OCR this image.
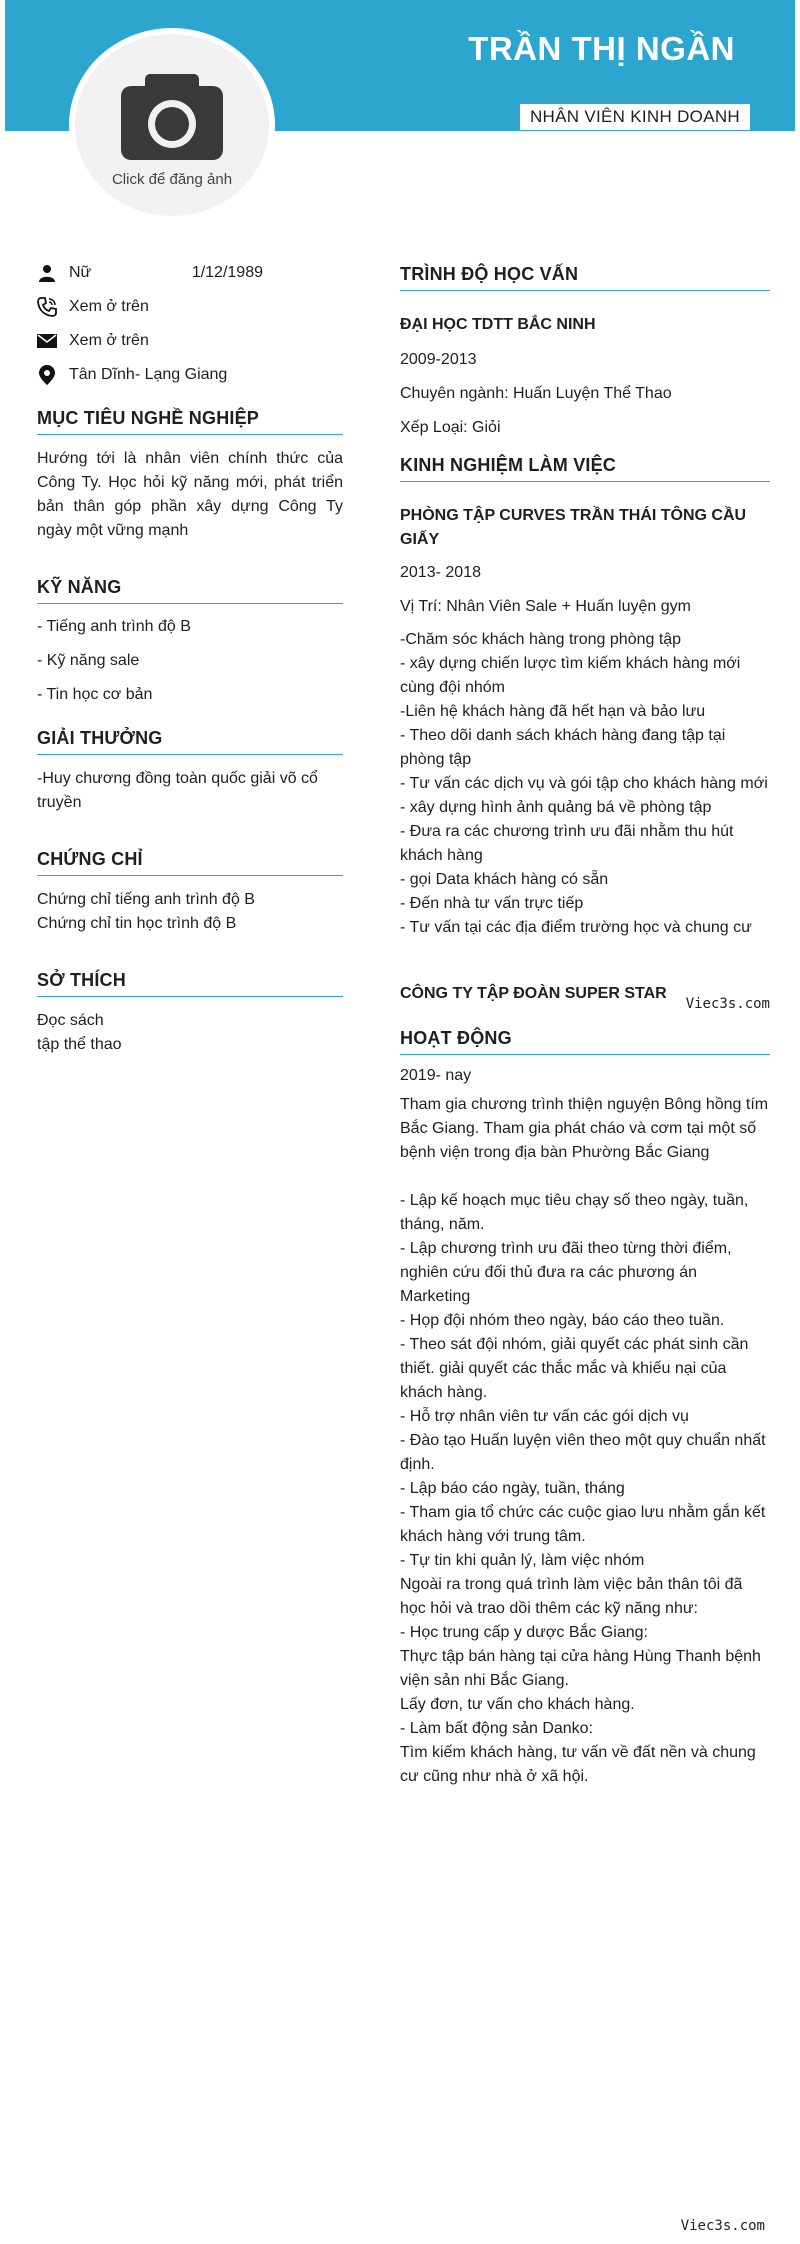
TRẦN THỊ NGẦN
NHÂN VIÊN KINH DOANH
Click để đăng ảnh
Nữ	1/12/1989
Xem ở trên
Xem ở trên
Tân Dĩnh- Lạng Giang
MỤC TIÊU NGHỀ NGHIỆP
Hướng tới là nhân viên chính thức của Công Ty. Học hỏi kỹ năng mới, phát triển bản thân góp phần xây dựng Công Ty ngày một vững mạnh
KỸ NĂNG
- Tiếng anh trình độ B
- Kỹ năng sale
- Tin học cơ bản
GIẢI THƯỞNG
-Huy chương đồng toàn quốc giải võ cổ truyền
CHỨNG CHỈ
Chứng chỉ tiếng anh trình độ B
Chứng chỉ tin học trình độ B
SỞ THÍCH
Đọc sách
tập thể thao
TRÌNH ĐỘ HỌC VẤN
ĐẠI HỌC TDTT BẮC NINH
2009-2013
Chuyên ngành: Huấn Luyện Thể Thao
Xếp Loại: Giỏi
KINH NGHIỆM LÀM VIỆC
PHÒNG TẬP CURVES TRẦN THÁI TÔNG CẦU GIẤY
2013- 2018
Vị Trí: Nhân Viên Sale + Huấn luyện gym
-Chăm sóc khách hàng trong phòng tập
- xây dựng chiến lược tìm kiếm khách hàng mới cùng đội nhóm
-Liên hệ khách hàng đã hết hạn và bảo lưu
- Theo dõi danh sách khách hàng đang tập tại phòng tập
- Tư vấn các dịch vụ và gói tập cho khách hàng mới
- xây dựng hình ảnh quảng bá về phòng tập
- Đưa ra các chương trình ưu đãi nhằm thu hút khách hàng
- gọi Data khách hàng có sẵn
- Đến nhà tư vấn trực tiếp
- Tư vấn tại các địa điểm trường học và chung cư
CÔNG TY TẬP ĐOÀN SUPER STAR
Viec3s.com
HOẠT ĐỘNG
2019- nay
Tham gia chương trình thiện nguyện Bông hồng tím Bắc Giang. Tham gia phát cháo và cơm tại một số bệnh viện trong địa bàn Phường Bắc Giang
- Lập kế hoạch mục tiêu chạy số theo ngày, tuần, tháng, năm.
- Lập chương trình ưu đãi theo từng thời điểm, nghiên cứu đối thủ đưa ra các phương án Marketing
- Họp đội nhóm theo ngày, báo cáo theo tuần.
- Theo sát đội nhóm, giải quyết các phát sinh cần thiết. giải quyết các thắc mắc và khiếu nại của khách hàng.
- Hỗ trợ nhân viên tư vấn các gói dịch vụ
- Đào tạo Huấn luyện viên theo một quy chuẩn nhất định.
- Lập báo cáo ngày, tuần, tháng
- Tham gia tổ chức các cuộc giao lưu nhằm gắn kết khách hàng với trung tâm.
- Tự tin khi quản lý, làm việc nhóm
Ngoài ra trong quá trình làm việc bản thân tôi đã học hỏi và trao dồi thêm các kỹ năng như:
- Học trung cấp y dược Bắc Giang:
Thực tập bán hàng tại cửa hàng Hùng Thanh bệnh viện sản nhi Bắc Giang.
Lấy đơn, tư vấn cho khách hàng.
- Làm bất động sản Danko:
Tìm kiếm khách hàng, tư vấn về đất nền và chung cư cũng như nhà ở xã hội.
Viec3s.com
